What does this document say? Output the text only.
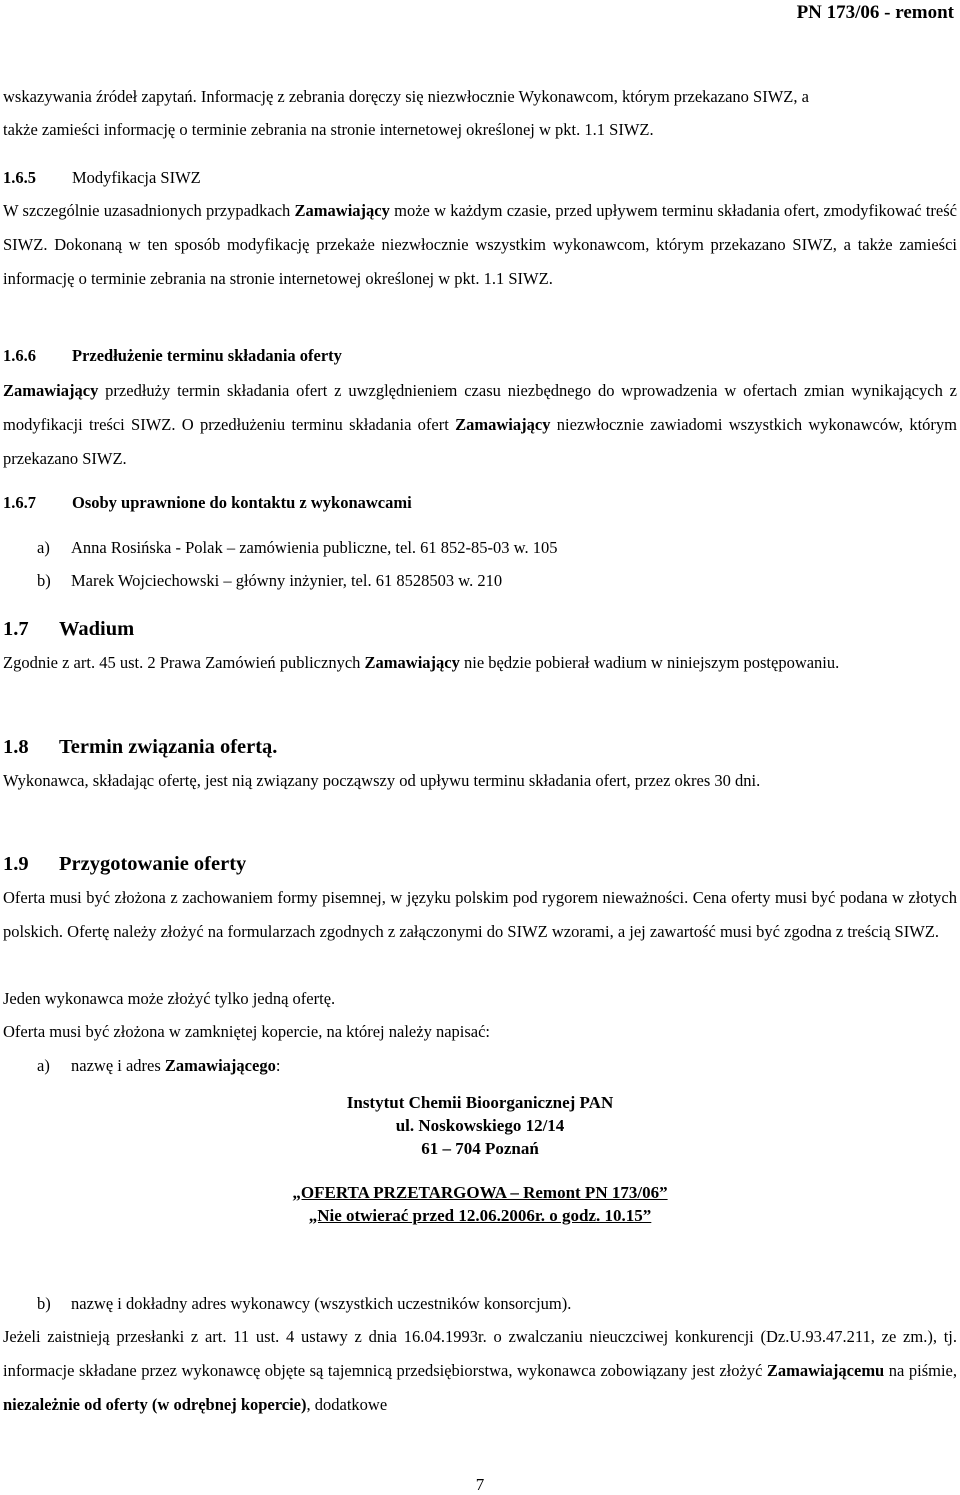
PN 173/06 - remont
wskazywania źródeł zapytań. Informację z zebrania doręczy się niezwłocznie Wykonawcom, którym przekazano SIWZ, a
także zamieści informację o terminie zebrania na stronie internetowej określonej w pkt. 1.1 SIWZ.
1.6.5 Modyfikacja SIWZ
W szczególnie uzasadnionych przypadkach Zamawiający może w każdym czasie, przed upływem terminu składania ofert, zmodyfikować treść SIWZ. Dokonaną w ten sposób modyfikację przekaże niezwłocznie wszystkim wykonawcom, którym przekazano SIWZ, a także zamieści informację o terminie zebrania na stronie internetowej określonej w pkt. 1.1 SIWZ.
1.6.6 Przedłużenie terminu składania oferty
Zamawiający przedłuży termin składania ofert z uwzględnieniem czasu niezbędnego do wprowadzenia w ofertach zmian wynikających z modyfikacji treści SIWZ. O przedłużeniu terminu składania ofert Zamawiający niezwłocznie zawiadomi wszystkich wykonawców, którym przekazano SIWZ.
1.6.7 Osoby uprawnione do kontaktu z wykonawcami
a) Anna Rosińska - Polak – zamówienia publiczne, tel. 61 852-85-03 w. 105
b) Marek Wojciechowski – główny inżynier, tel. 61 8528503 w. 210
1.7 Wadium
Zgodnie z art. 45 ust. 2 Prawa Zamówień publicznych Zamawiający nie będzie pobierał wadium w niniejszym postępowaniu.
1.8 Termin związania ofertą.
Wykonawca, składając ofertę, jest nią związany począwszy od upływu terminu składania ofert, przez okres 30 dni.
1.9 Przygotowanie oferty
Oferta musi być złożona z zachowaniem formy pisemnej, w języku polskim pod rygorem nieważności. Cena oferty musi być podana w złotych polskich. Ofertę należy złożyć na formularzach zgodnych z załączonymi do SIWZ wzorami, a jej zawartość musi być zgodna z treścią SIWZ.
Jeden wykonawca może złożyć tylko jedną ofertę.
Oferta musi być złożona w zamkniętej kopercie, na której należy napisać:
a) nazwę i adres Zamawiającego:
Instytut Chemii Bioorganicznej PAN
ul. Noskowskiego 12/14
61 – 704 Poznań
„OFERTA PRZETARGOWA – Remont PN 173/06”
„Nie otwierać przed 12.06.2006r. o godz. 10.15”
b) nazwę i dokładny adres wykonawcy (wszystkich uczestników konsorcjum).
Jeżeli zaistnieją przesłanki z art. 11 ust. 4 ustawy z dnia 16.04.1993r. o zwalczaniu nieuczciwej konkurencji (Dz.U.93.47.211, ze zm.), tj. informacje składane przez wykonawcę objęte są tajemnicą przedsiębiorstwa, wykonawca zobowiązany jest złożyć Zamawiającemu na piśmie, niezależnie od oferty (w odrębnej kopercie), dodatkowe
7
